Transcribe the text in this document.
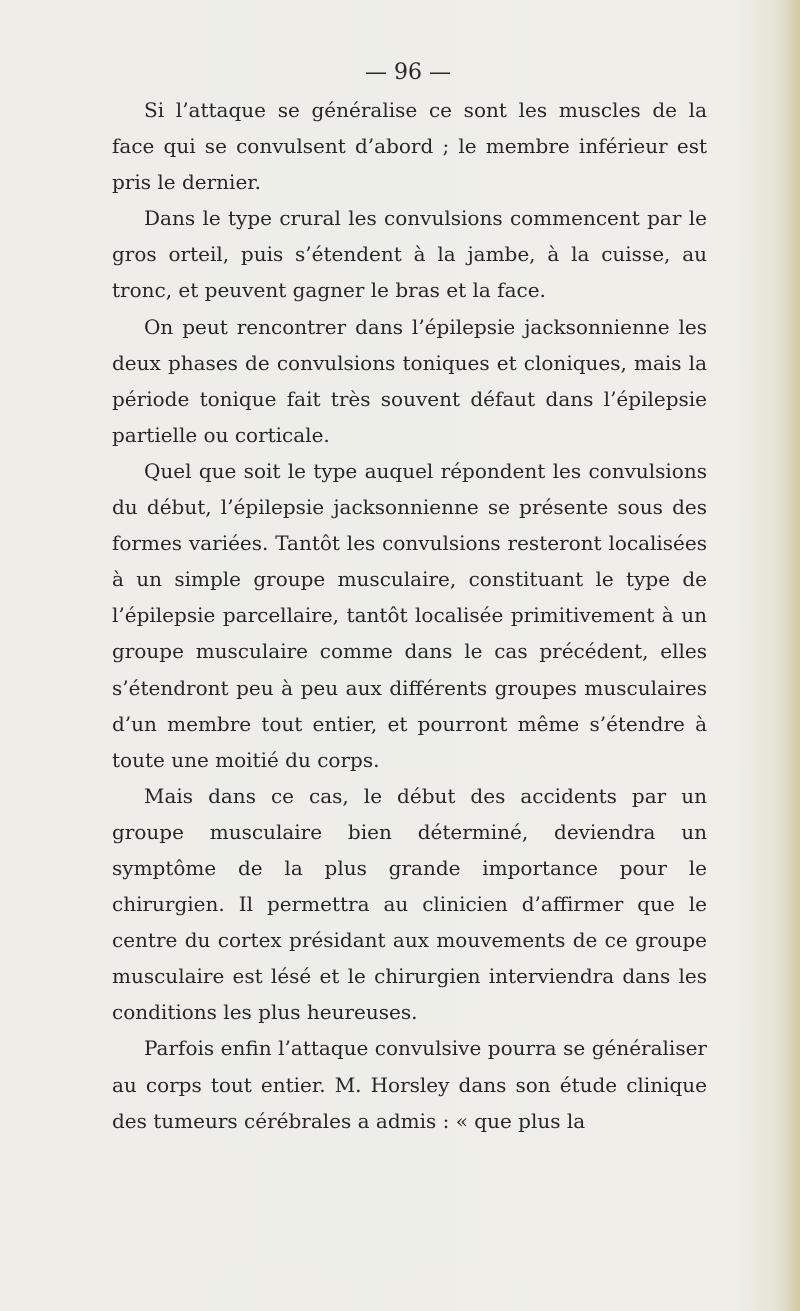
— 96 —

Si l’attaque se généralise ce sont les muscles de la face qui se convulsent d’abord ; le membre inférieur est pris le dernier.

Dans le type crural les convulsions commencent par le gros orteil, puis s’étendent à la jambe, à la cuisse, au tronc, et peuvent gagner le bras et la face.

On peut rencontrer dans l’épilepsie jacksonnienne les deux phases de convulsions toniques et cloniques, mais la période tonique fait très souvent défaut dans l’épilepsie partielle ou corticale.

Quel que soit le type auquel répondent les convulsions du début, l’épilepsie jacksonnienne se présente sous des formes variées. Tantôt les convulsions resteront localisées à un simple groupe musculaire, constituant le type de l’épilepsie parcellaire, tantôt localisée primitivement à un groupe musculaire comme dans le cas précédent, elles s’étendront peu à peu aux différents groupes musculaires d’un membre tout entier, et pourront même s’étendre à toute une moitié du corps.

Mais dans ce cas, le début des accidents par un groupe musculaire bien déterminé, deviendra un symptôme de la plus grande importance pour le chirurgien. Il permettra au clinicien d’affirmer que le centre du cortex présidant aux mouvements de ce groupe musculaire est lésé et le chirurgien interviendra dans les conditions les plus heureuses.

Parfois enfin l’attaque convulsive pourra se généraliser au corps tout entier. M. Horsley dans son étude clinique des tumeurs cérébrales a admis : « que plus la
